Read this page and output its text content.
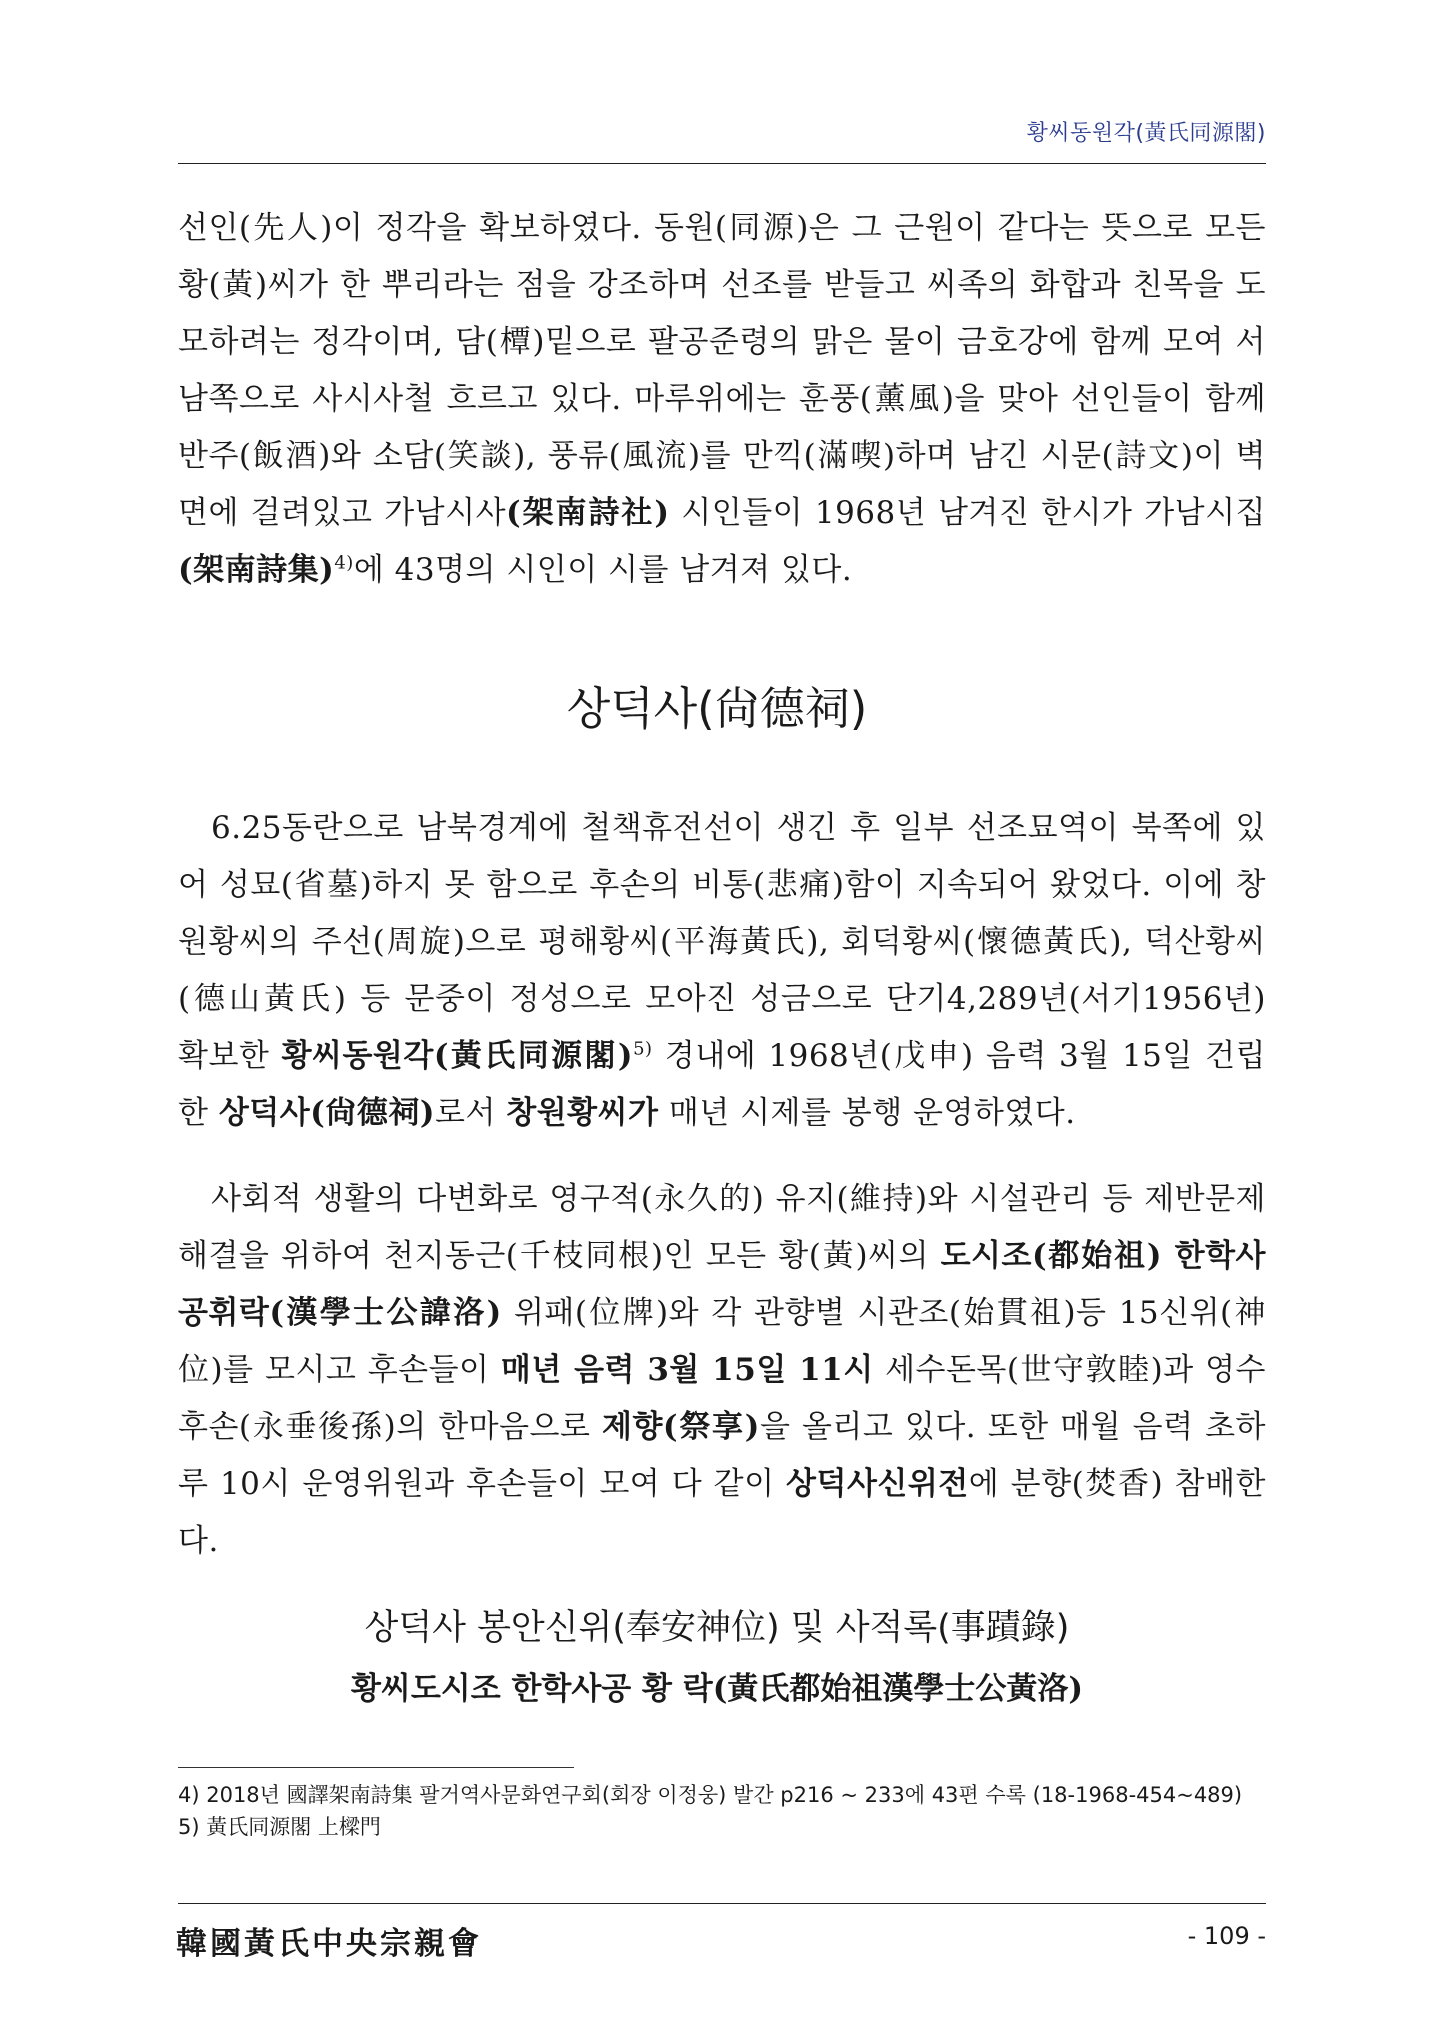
황씨동원각(黃氏同源閣)

선인(先人)이 정각을 확보하였다. 동원(同源)은 그 근원이 같다는 뜻으로 모든 황(黃)씨가 한 뿌리라는 점을 강조하며 선조를 받들고 씨족의 화합과 친목을 도모하려는 정각이며, 담(橝)밑으로 팔공준령의 맑은 물이 금호강에 함께 모여 서남쪽으로 사시사철 흐르고 있다. 마루위에는 훈풍(薰風)을 맞아 선인들이 함께 반주(飯酒)와 소담(笑談), 풍류(風流)를 만끽(滿喫)하며 남긴 시문(詩文)이 벽면에 걸려있고 가남시사(架南詩社) 시인들이 1968년 남겨진 한시가 가남시집(架南詩集)$^{4)}$에 43명의 시인이 시를 남겨져 있다.

상덕사(尙德祠)

6.25동란으로 남북경계에 철책휴전선이 생긴 후 일부 선조묘역이 북쪽에 있어 성묘(省墓)하지 못 함으로 후손의 비통(悲痛)함이 지속되어 왔었다. 이에 창원황씨의 주선(周旋)으로 평해황씨(平海黃氏), 회덕황씨(懷德黃氏), 덕산황씨(德山黃氏) 등 문중이 정성으로 모아진 성금으로 단기4,289년(서기1956년) 확보한 황씨동원각(黃氏同源閣)$^{5)}$ 경내에 1968년(戊申) 음력 3월 15일 건립한 상덕사(尙德祠)로서 창원황씨가 매년 시제를 봉행 운영하였다.

사회적 생활의 다변화로 영구적(永久的) 유지(維持)와 시설관리 등 제반문제해결을 위하여 천지동근(千枝同根)인 모든 황(黃)씨의 도시조(都始祖) 한학사공휘락(漢學士公諱洛) 위패(位牌)와 각 관향별 시관조(始貫祖)등 15신위(神位)를 모시고 후손들이 매년 음력 3월 15일 11시 세수돈목(世守敦睦)과 영수후손(永垂後孫)의 한마음으로 제향(祭享)을 올리고 있다. 또한 매월 음력 초하루 10시 운영위원과 후손들이 모여 다 같이 상덕사신위전에 분향(焚香) 참배한다.

상덕사 봉안신위(奉安神位) 및 사적록(事蹟錄)
황씨도시조 한학사공 황 락(黃氏都始祖漢學士公黃洛)
4) 2018년 國譯架南詩集 팔거역사문화연구회(회장 이정웅) 발간 p216 ~ 233에 43편 수록 (18-1968-454~489)
5) 黃氏同源閣 上樑門
韓國黃氏中央宗親會	- 109 -
